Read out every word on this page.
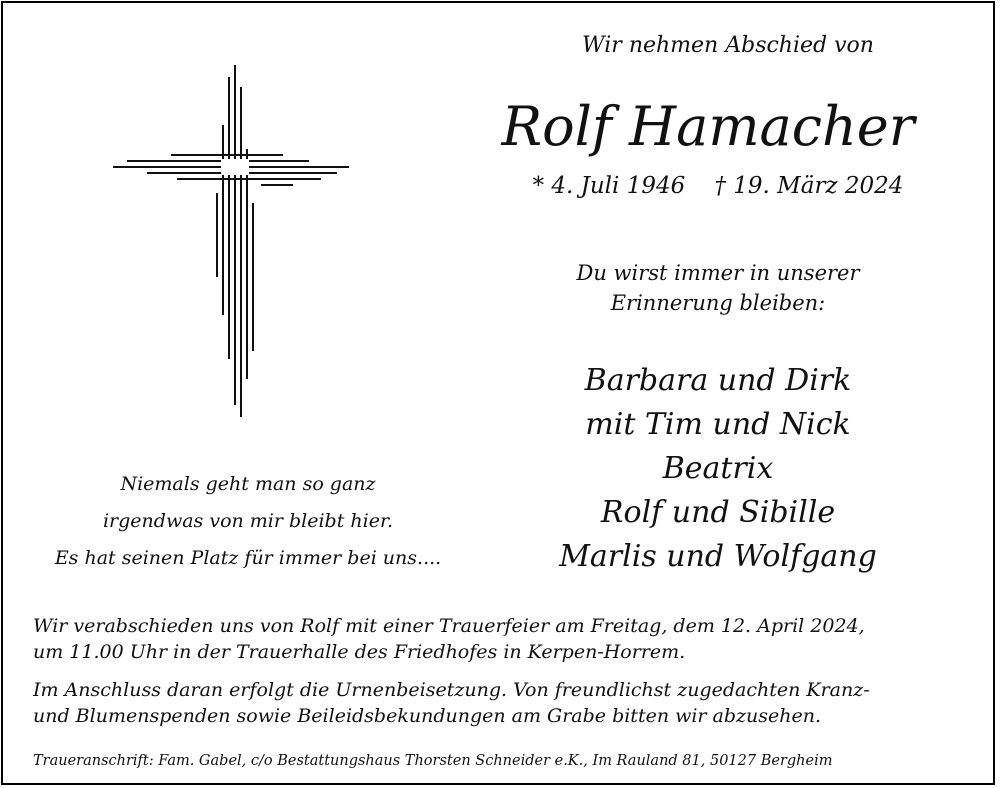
Wir nehmen Abschied von

Rolf Hamacher

* 4. Juli 1946    † 19. März 2024

Du wirst immer in unserer

Erinnerung bleiben:

Barbara und Dirk

mit Tim und Nick

Beatrix

Rolf und Sibille

Marlis und Wolfgang

Niemals geht man so ganz

irgendwas von mir bleibt hier.

Es hat seinen Platz für immer bei uns....

Wir verabschieden uns von Rolf mit einer Trauerfeier am Freitag, dem 12. April 2024,

um 11.00 Uhr in der Trauerhalle des Friedhofes in Kerpen-Horrem.

Im Anschluss daran erfolgt die Urnenbeisetzung. Von freundlichst zugedachten Kranz-

und Blumenspenden sowie Beileidsbekundungen am Grabe bitten wir abzusehen.

Traueranschrift: Fam. Gabel, c/o Bestattungshaus Thorsten Schneider e.K., Im Rauland 81, 50127 Bergheim
